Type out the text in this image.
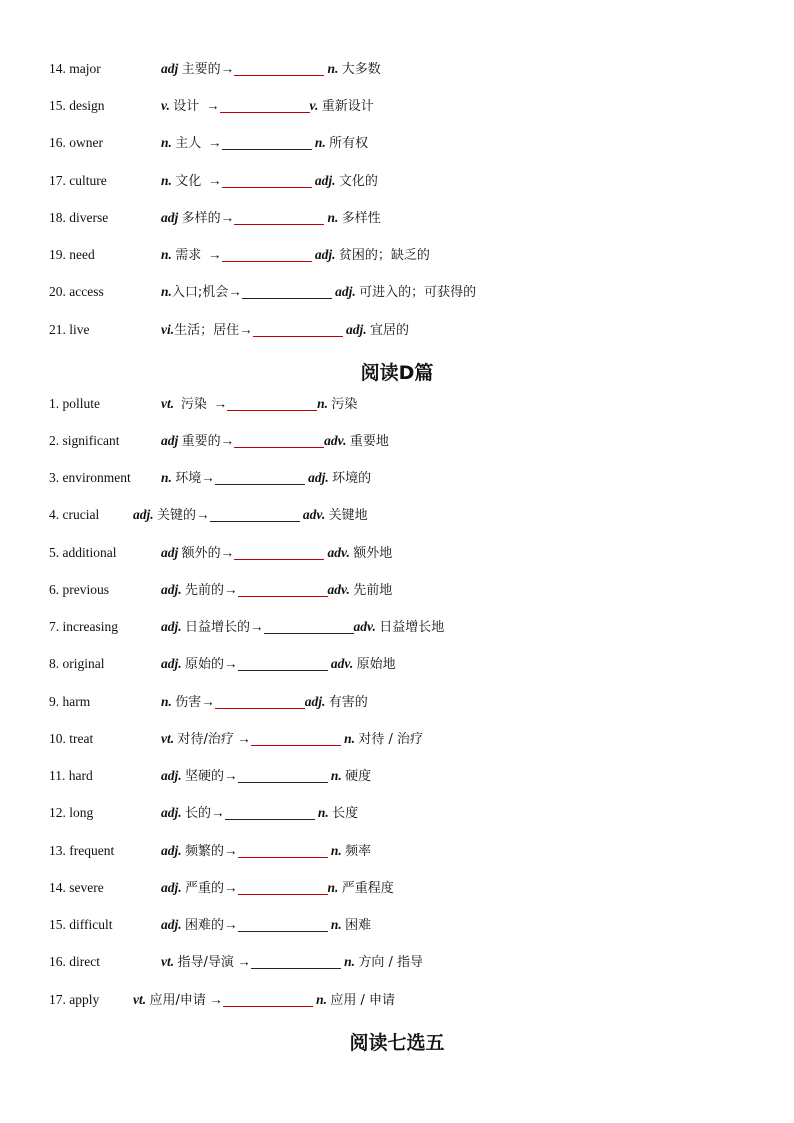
14. major	adj 主要的→	n. 大多数
15. design	v. 设计 →	v. 重新设计
16. owner	n. 主人 →	n. 所有权
17. culture	n. 文化 →	adj. 文化的
18. diverse	adj 多样的→	n. 多样性
19. need	n. 需求 →	adj. 贫困的；缺乏的
20. access	n.入口;机会→	adj. 可进入的；可获得的
21. live	vi.生活；居住→	adj. 宜居的
阅读D篇
1. pollute	vt. 污染 →	n. 污染
2. significant	adj 重要的→	adv. 重要地
3. environment n. 环境→	adj. 环境的
4. crucial	adj. 关键的→	adv. 关键地
5. additional	adj 额外的→	adv. 额外地
6. previous	adj. 先前的→	adv. 先前地
7. increasing	adj. 日益增长的→	adv. 日益增长地
8. original	adj. 原始的→	adv. 原始地
9. harm	n. 伤害→	adj. 有害的
10. treat	vt. 对待/治疗 →	n. 对待 / 治疗
11. hard	adj. 坚硬的→	n. 硬度
12. long	adj. 长的→	n. 长度
13. frequent	adj. 频繁的→	n. 频率
14. severe	adj. 严重的→	n. 严重程度
15. difficult	adj. 困难的→	n. 困难
16. direct	vt. 指导/导演 →	n. 方向 / 指导
17. apply	vt. 应用/申请 →	n. 应用 / 申请
阅读七选五
